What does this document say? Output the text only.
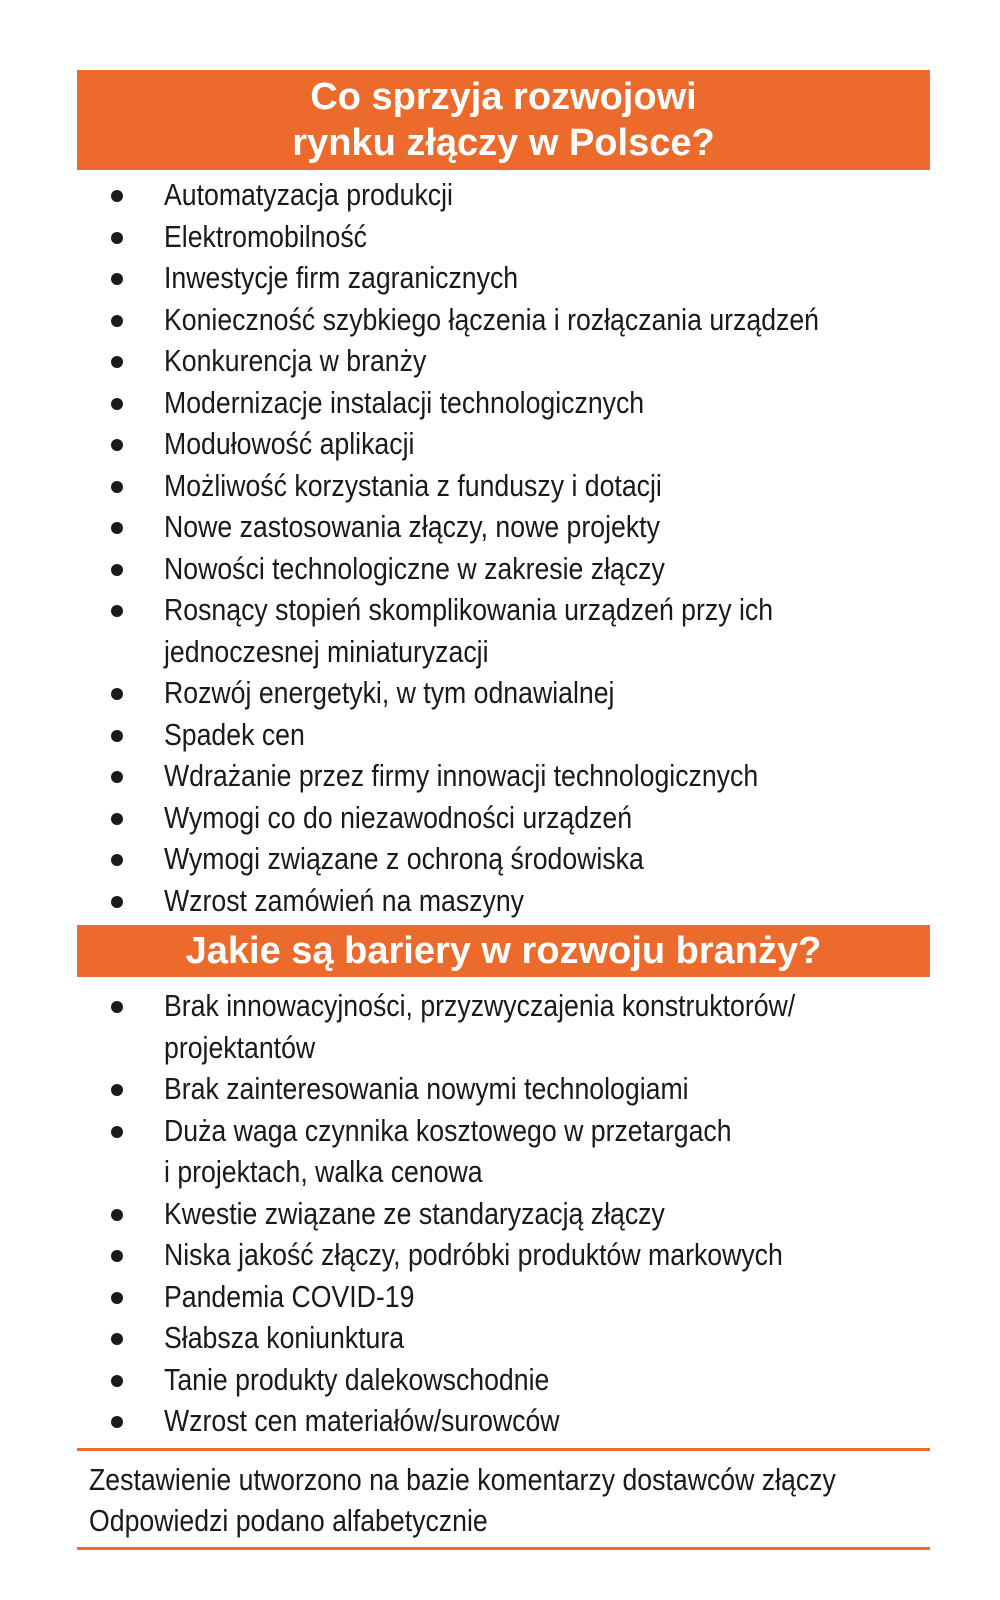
Co sprzyja rozwojowi
rynku złączy w Polsce?
Automatyzacja produkcji
Elektromobilność
Inwestycje firm zagranicznych
Konieczność szybkiego łączenia i rozłączania urządzeń
Konkurencja w branży
Modernizacje instalacji technologicznych
Modułowość aplikacji
Możliwość korzystania z funduszy i dotacji
Nowe zastosowania złączy, nowe projekty
Nowości technologiczne w zakresie złączy
Rosnący stopień skomplikowania urządzeń przy ich
jednoczesnej miniaturyzacji
Rozwój energetyki, w tym odnawialnej
Spadek cen
Wdrażanie przez firmy innowacji technologicznych
Wymogi co do niezawodności urządzeń
Wymogi związane z ochroną środowiska
Wzrost zamówień na maszyny
Jakie są bariery w rozwoju branży?
Brak innowacyjności, przyzwyczajenia konstruktorów/
projektantów
Brak zainteresowania nowymi technologiami
Duża waga czynnika kosztowego w przetargach
i projektach, walka cenowa
Kwestie związane ze standaryzacją złączy
Niska jakość złączy, podróbki produktów markowych
Pandemia COVID-19
Słabsza koniunktura
Tanie produkty dalekowschodnie
Wzrost cen materiałów/surowców
Zestawienie utworzono na bazie komentarzy dostawców złączy
Odpowiedzi podano alfabetycznie
